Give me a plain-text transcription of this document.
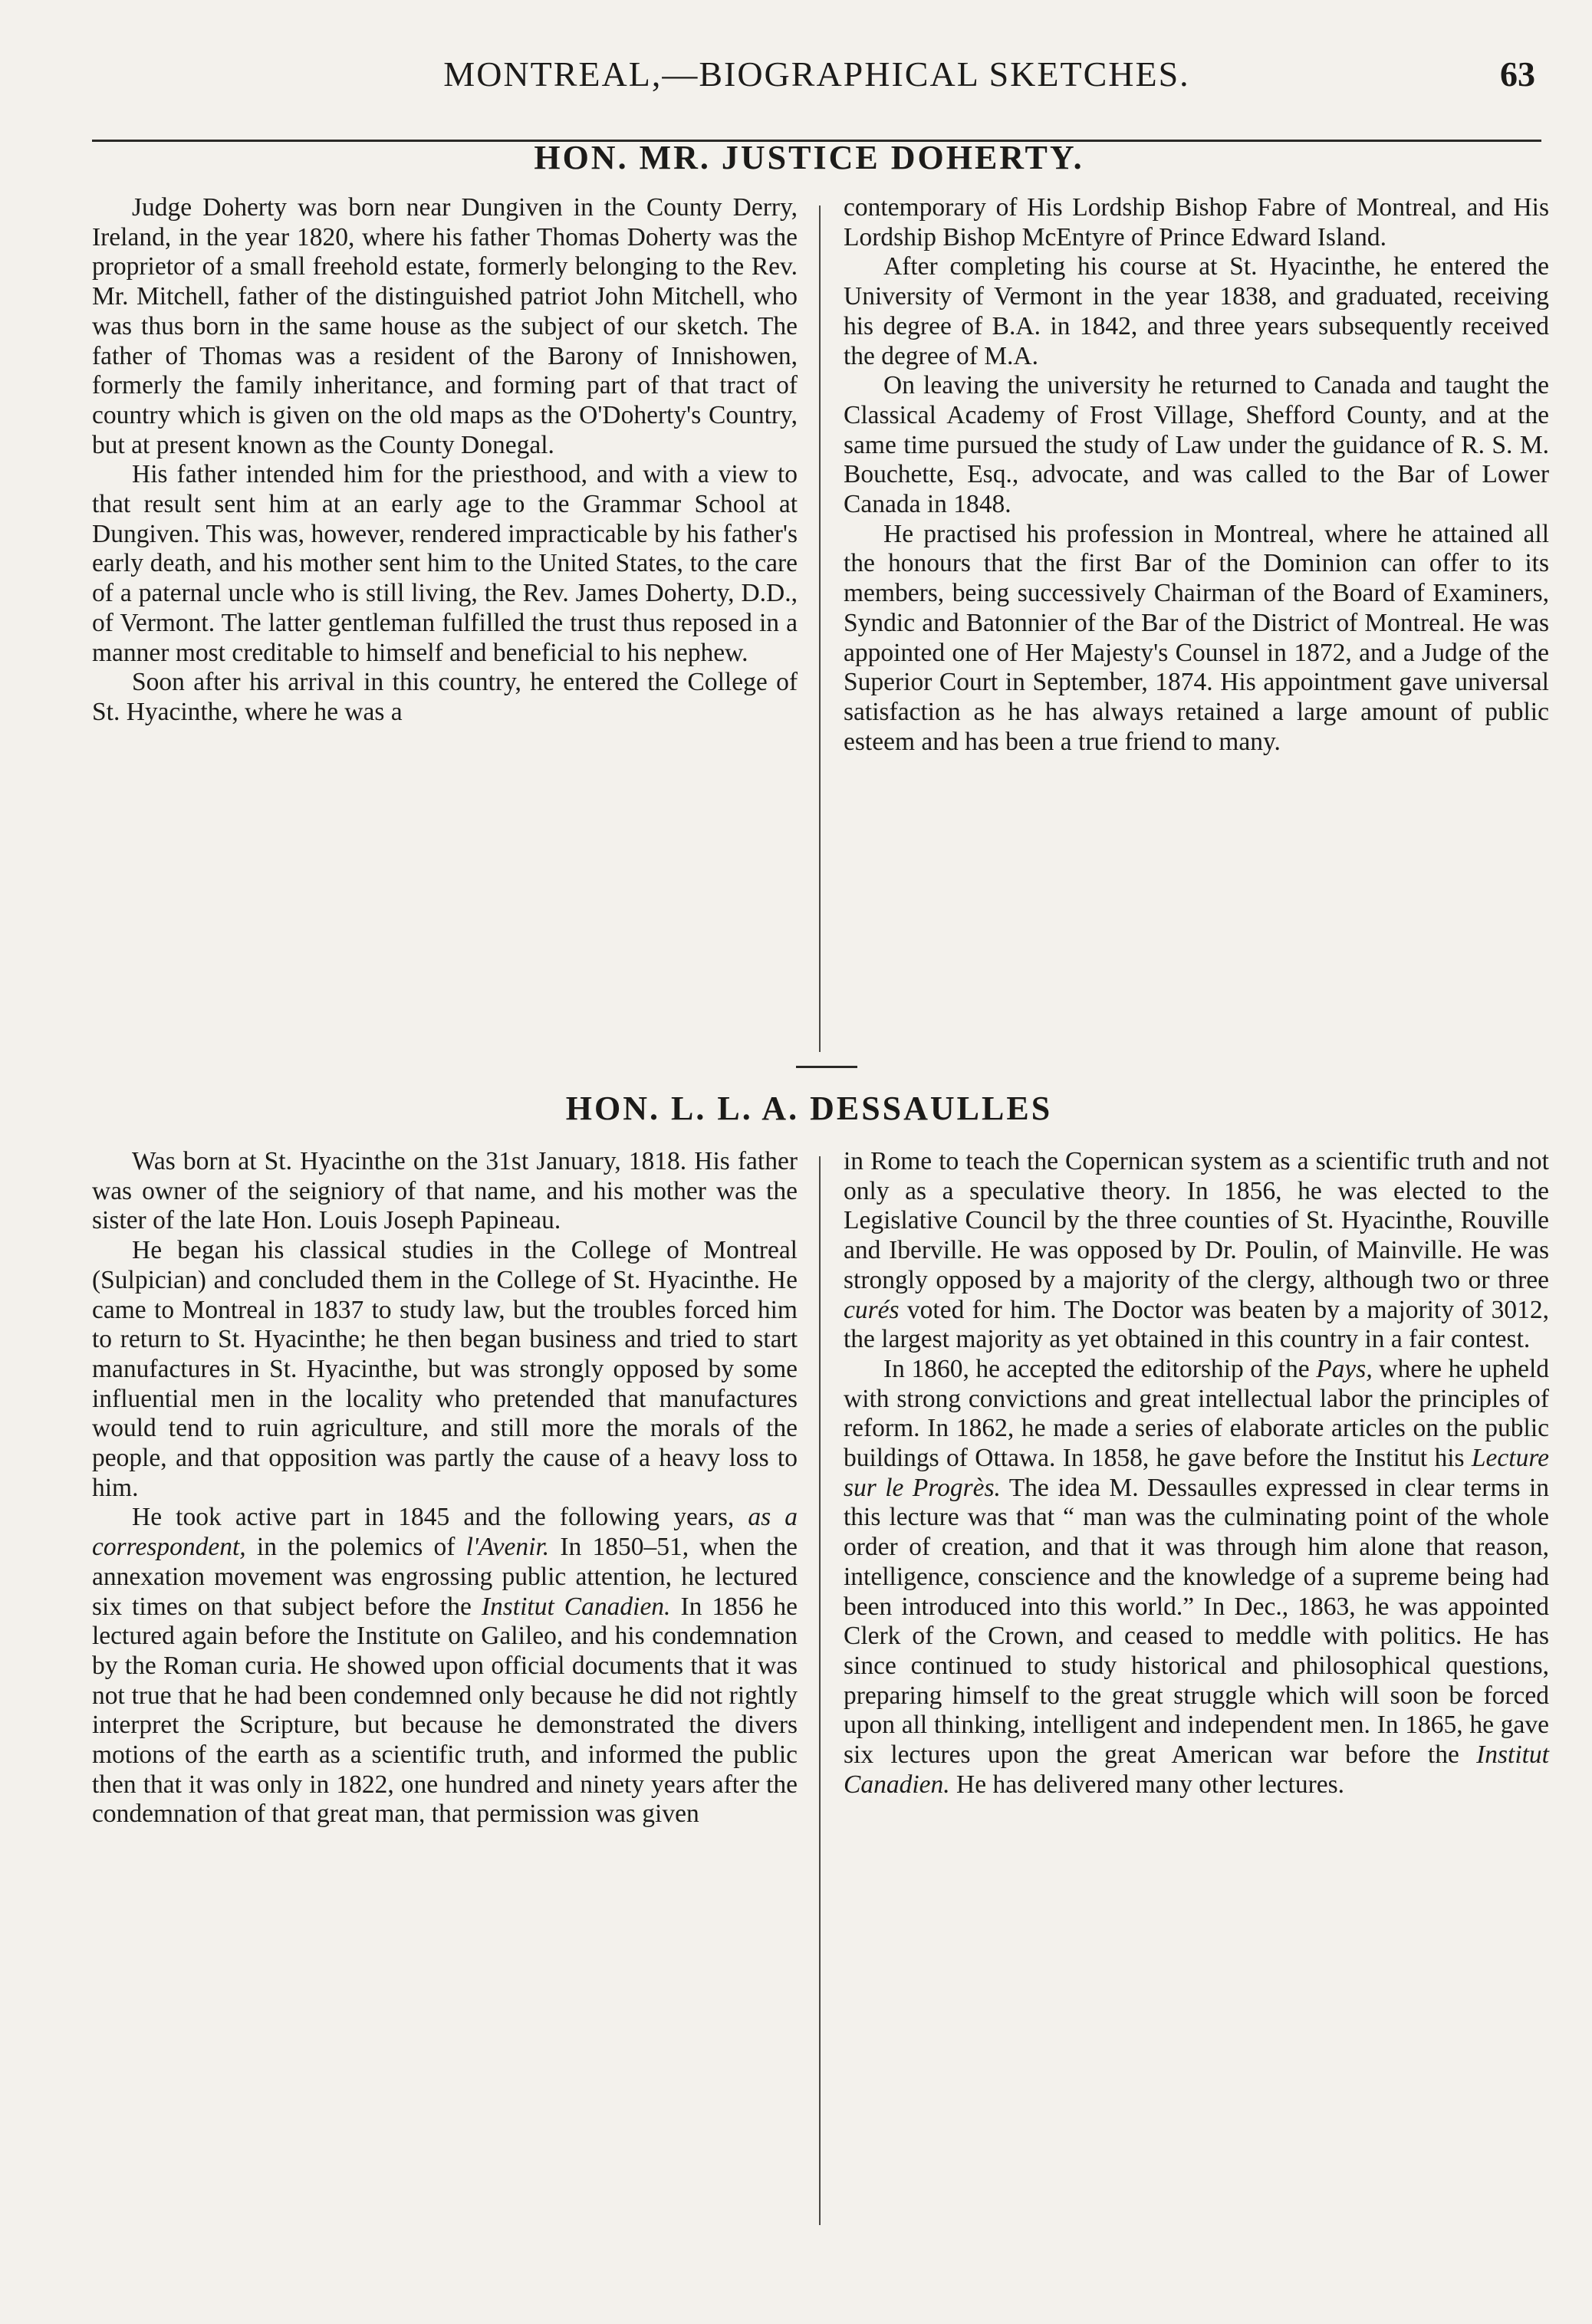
MONTREAL,—BIOGRAPHICAL SKETCHES.	63
HON. MR. JUSTICE DOHERTY.

Judge Doherty was born near Dungiven in the County Derry, Ireland, in the year 1820, where his father Thomas Doherty was the proprietor of a small freehold estate, formerly belonging to the Rev. Mr. Mitchell, father of the distinguished patriot John Mitchell, who was thus born in the same house as the subject of our sketch. The father of Thomas was a resident of the Barony of Innishowen, formerly the family inheritance, and forming part of that tract of country which is given on the old maps as the O'Doherty's Country, but at present known as the County Donegal.

His father intended him for the priesthood, and with a view to that result sent him at an early age to the Grammar School at Dungiven. This was, however, rendered impracticable by his father's early death, and his mother sent him to the United States, to the care of a paternal uncle who is still living, the Rev. James Doherty, D.D., of Vermont. The latter gentleman fulfilled the trust thus reposed in a manner most creditable to himself and beneficial to his nephew.

Soon after his arrival in this country, he entered the College of St. Hyacinthe, where he was a

contemporary of His Lordship Bishop Fabre of Montreal, and His Lordship Bishop McEntyre of Prince Edward Island.

After completing his course at St. Hyacinthe, he entered the University of Vermont in the year 1838, and graduated, receiving his degree of B.A. in 1842, and three years subsequently received the degree of M.A.

On leaving the university he returned to Canada and taught the Classical Academy of Frost Village, Shefford County, and at the same time pursued the study of Law under the guidance of R. S. M. Bouchette, Esq., advocate, and was called to the Bar of Lower Canada in 1848.

He practised his profession in Montreal, where he attained all the honours that the first Bar of the Dominion can offer to its members, being successively Chairman of the Board of Examiners, Syndic and Batonnier of the Bar of the District of Montreal. He was appointed one of Her Majesty's Counsel in 1872, and a Judge of the Superior Court in September, 1874. His appointment gave universal satisfaction as he has always retained a large amount of public esteem and has been a true friend to many.

HON. L. L. A. DESSAULLES

Was born at St. Hyacinthe on the 31st January, 1818. His father was owner of the seigniory of that name, and his mother was the sister of the late Hon. Louis Joseph Papineau.

He began his classical studies in the College of Montreal (Sulpician) and concluded them in the College of St. Hyacinthe. He came to Montreal in 1837 to study law, but the troubles forced him to return to St. Hyacinthe; he then began business and tried to start manufactures in St. Hyacinthe, but was strongly opposed by some influential men in the locality who pretended that manufactures would tend to ruin agriculture, and still more the morals of the people, and that opposition was partly the cause of a heavy loss to him.

He took active part in 1845 and the following years, as a correspondent, in the polemics of l'Avenir. In 1850–51, when the annexation movement was engrossing public attention, he lectured six times on that subject before the Institut Canadien. In 1856 he lectured again before the Institute on Galileo, and his condemnation by the Roman curia. He showed upon official documents that it was not true that he had been condemned only because he did not rightly interpret the Scripture, but because he demonstrated the divers motions of the earth as a scientific truth, and informed the public then that it was only in 1822, one hundred and ninety years after the condemnation of that great man, that permission was given

in Rome to teach the Copernican system as a scientific truth and not only as a speculative theory. In 1856, he was elected to the Legislative Council by the three counties of St. Hyacinthe, Rouville and Iberville. He was opposed by Dr. Poulin, of Mainville. He was strongly opposed by a majority of the clergy, although two or three curés voted for him. The Doctor was beaten by a majority of 3012, the largest majority as yet obtained in this country in a fair contest.

In 1860, he accepted the editorship of the Pays, where he upheld with strong convictions and great intellectual labor the principles of reform. In 1862, he made a series of elaborate articles on the public buildings of Ottawa. In 1858, he gave before the Institut his Lecture sur le Progrès. The idea M. Dessaulles expressed in clear terms in this lecture was that “ man was the culminating point of the whole order of creation, and that it was through him alone that reason, intelligence, conscience and the knowledge of a supreme being had been introduced into this world.” In Dec., 1863, he was appointed Clerk of the Crown, and ceased to meddle with politics. He has since continued to study historical and philosophical questions, preparing himself to the great struggle which will soon be forced upon all thinking, intelligent and independent men. In 1865, he gave six lectures upon the great American war before the Institut Canadien. He has delivered many other lectures.
